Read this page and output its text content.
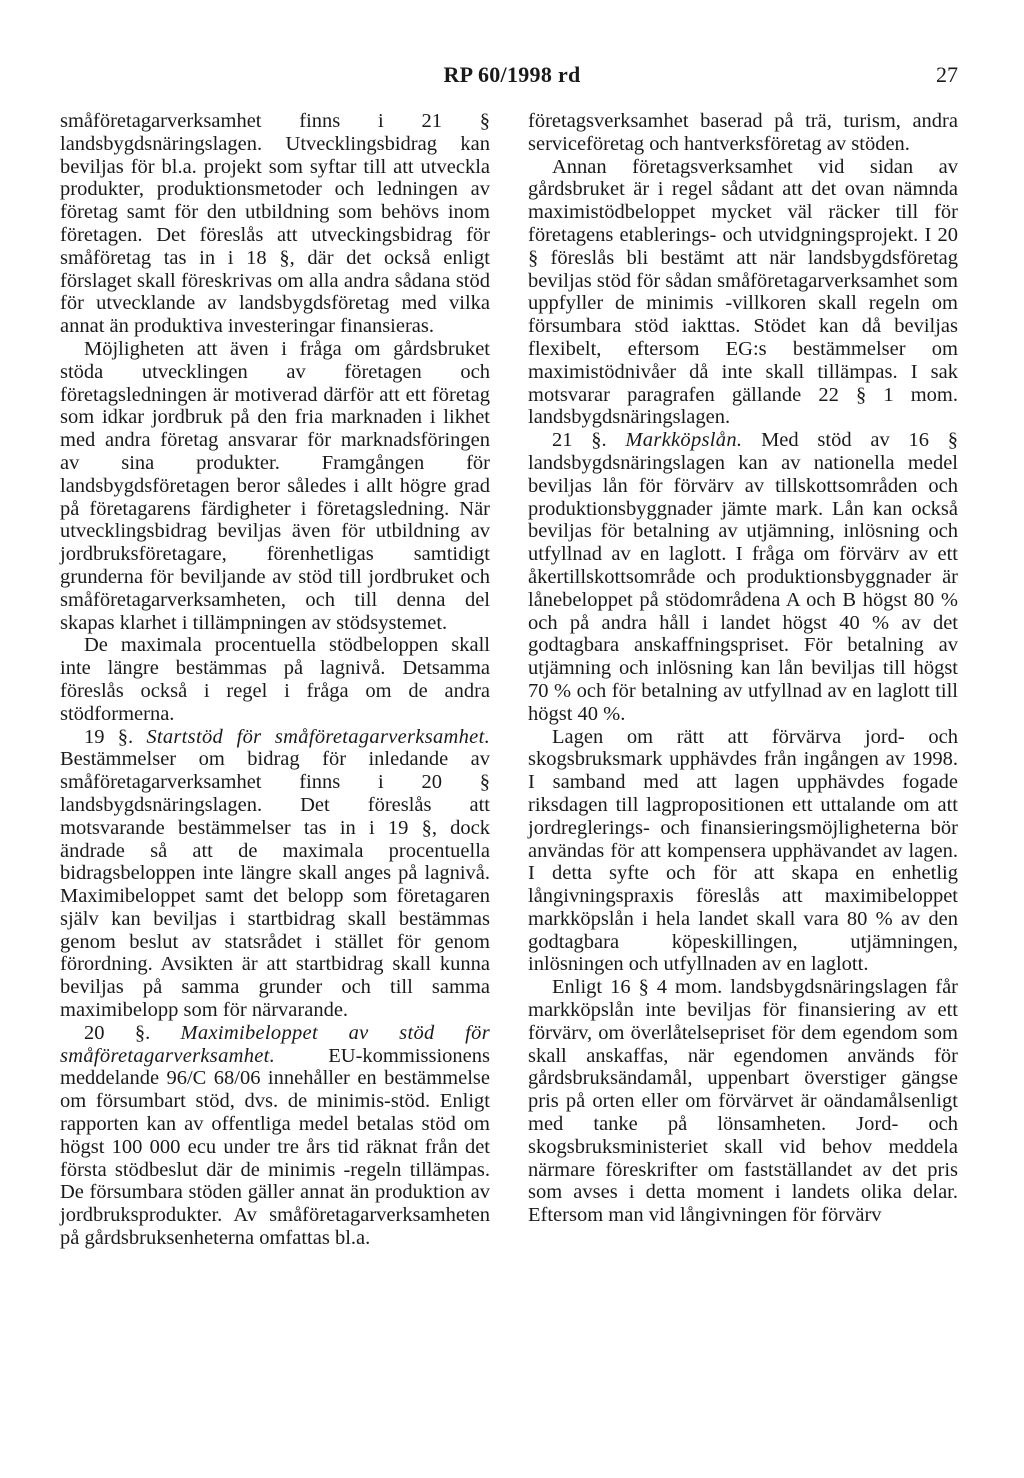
RP 60/1998 rd	27

småföretagarverksamhet finns i 21 § landsbygdsnäringslagen. Utvecklingsbidrag kan beviljas för bl.a. projekt som syftar till att utveckla produkter, produktionsmetoder och ledningen av företag samt för den utbildning som behövs inom företagen. Det föreslås att utveckingsbidrag för småföretag tas in i 18 §, där det också enligt förslaget skall föreskrivas om alla andra sådana stöd för utvecklande av landsbygdsföretag med vilka annat än produktiva investeringar finansieras.

Möjligheten att även i fråga om gårdsbruket stöda utvecklingen av företagen och företagsledningen är motiverad därför att ett företag som idkar jordbruk på den fria marknaden i likhet med andra företag ansvarar för marknadsföringen av sina produkter. Framgången för landsbygdsföretagen beror således i allt högre grad på företagarens färdigheter i företagsledning. När utvecklingsbidrag beviljas även för utbildning av jordbruksföretagare, förenhetligas samtidigt grunderna för beviljande av stöd till jordbruket och småföretagarverksamheten, och till denna del skapas klarhet i tillämpningen av stödsystemet.

De maximala procentuella stödbeloppen skall inte längre bestämmas på lagnivå. Detsamma föreslås också i regel i fråga om de andra stödformerna.

19 §. Startstöd för småföretagarverksamhet. Bestämmelser om bidrag för inledande av småföretagarverksamhet finns i 20 § landsbygdsnäringslagen. Det föreslås att motsvarande bestämmelser tas in i 19 §, dock ändrade så att de maximala procentuella bidragsbeloppen inte längre skall anges på lagnivå. Maximibeloppet samt det belopp som företagaren själv kan beviljas i startbidrag skall bestämmas genom beslut av statsrådet i stället för genom förordning. Avsikten är att startbidrag skall kunna beviljas på samma grunder och till samma maximibelopp som för närvarande.

20 §. Maximibeloppet av stöd för småföretagarverksamhet. EU-kommissionens meddelande 96/C 68/06 innehåller en bestämmelse om försumbart stöd, dvs. de minimis-stöd. Enligt rapporten kan av offentliga medel betalas stöd om högst 100 000 ecu under tre års tid räknat från det första stödbeslut där de minimis -regeln tillämpas. De försumbara stöden gäller annat än produktion av jordbruksprodukter. Av småföretagarverksamheten på gårdsbruksenheterna omfattas bl.a.

företagsverksamhet baserad på trä, turism, andra serviceföretag och hantverksföretag av stöden.

Annan företagsverksamhet vid sidan av gårdsbruket är i regel sådant att det ovan nämnda maximistödbeloppet mycket väl räcker till för företagens etablerings- och utvidgningsprojekt. I 20 § föreslås bli bestämt att när landsbygdsföretag beviljas stöd för sådan småföretagarverksamhet som uppfyller de minimis -villkoren skall regeln om försumbara stöd iakttas. Stödet kan då beviljas flexibelt, eftersom EG:s bestämmelser om maximistödnivåer då inte skall tillämpas. I sak motsvarar paragrafen gällande 22 § 1 mom. landsbygdsnäringslagen.

21 §. Markköpslån. Med stöd av 16 § landsbygdsnäringslagen kan av nationella medel beviljas lån för förvärv av tillskottsområden och produktionsbyggnader jämte mark. Lån kan också beviljas för betalning av utjämning, inlösning och utfyllnad av en laglott. I fråga om förvärv av ett åkertillskottsområde och produktionsbyggnader är lånebeloppet på stödområdena A och B högst 80 % och på andra håll i landet högst 40 % av det godtagbara anskaffningspriset. För betalning av utjämning och inlösning kan lån beviljas till högst 70 % och för betalning av utfyllnad av en laglott till högst 40 %.

Lagen om rätt att förvärva jord- och skogsbruksmark upphävdes från ingången av 1998. I samband med att lagen upphävdes fogade riksdagen till lagpropositionen ett uttalande om att jordreglerings- och finansieringsmöjligheterna bör användas för att kompensera upphävandet av lagen. I detta syfte och för att skapa en enhetlig långivningspraxis föreslås att maximibeloppet markköpslån i hela landet skall vara 80 % av den godtagbara köpeskillingen, utjämningen, inlösningen och utfyllnaden av en laglott.

Enligt 16 § 4 mom. landsbygdsnäringslagen får markköpslån inte beviljas för finansiering av ett förvärv, om överlåtelsepriset för dem egendom som skall anskaffas, när egendomen används för gårdsbruksändamål, uppenbart överstiger gängse pris på orten eller om förvärvet är oändamålsenligt med tanke på lönsamheten. Jord- och skogsbruksministeriet skall vid behov meddela närmare föreskrifter om fastställandet av det pris som avses i detta moment i landets olika delar. Eftersom man vid långivningen för förvärv
